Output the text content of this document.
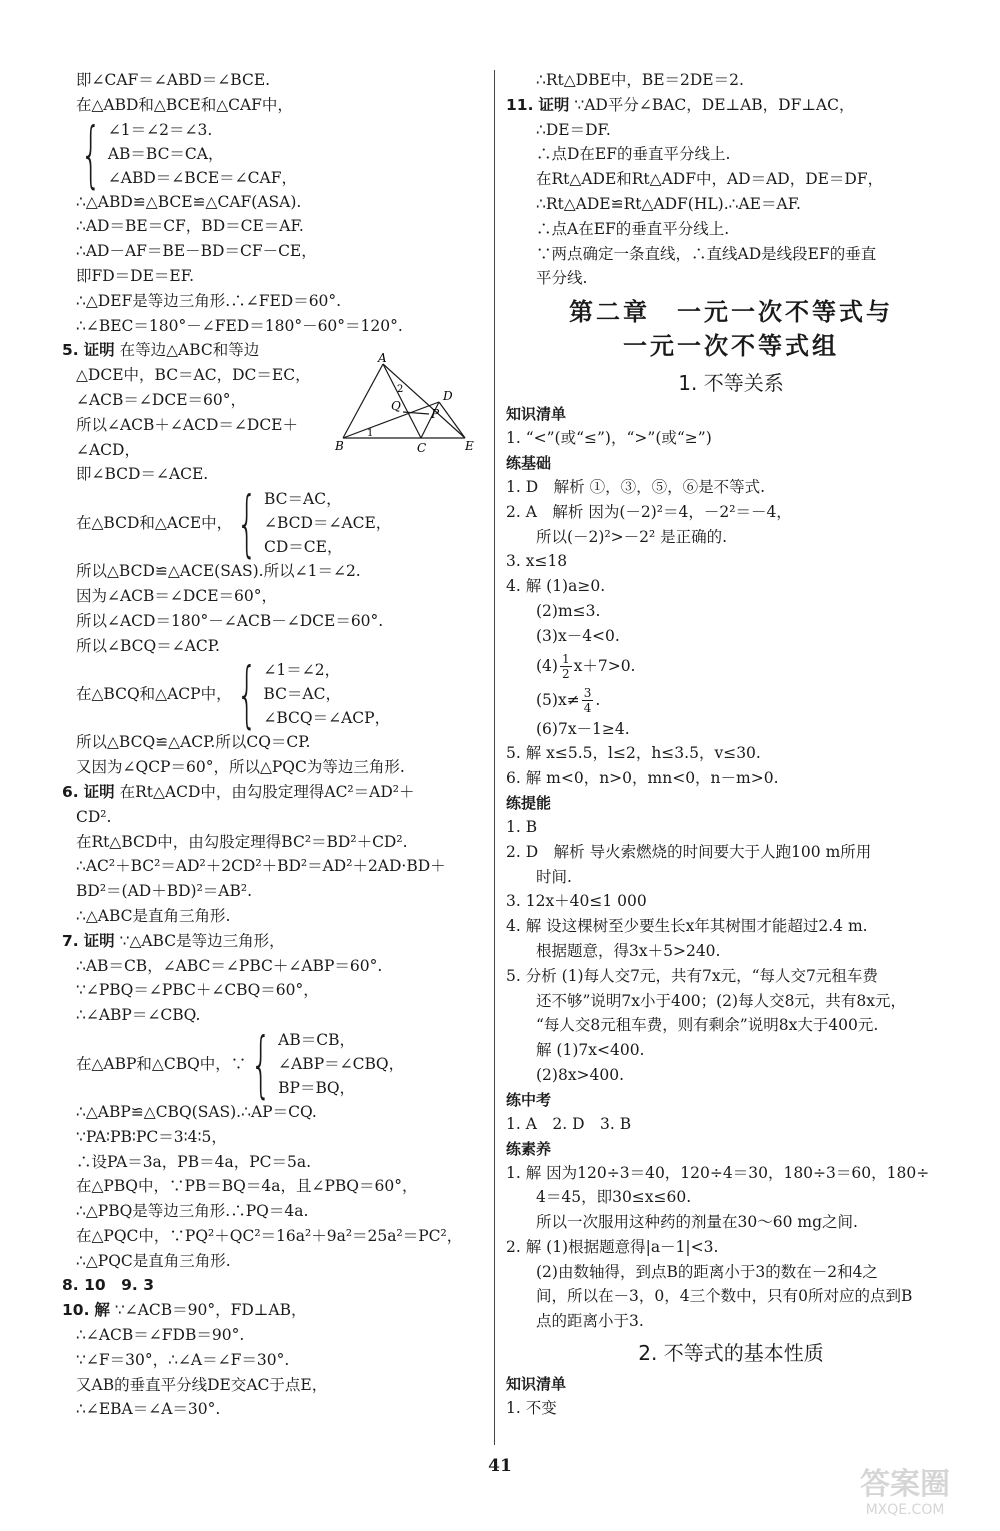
即∠CAF＝∠ABD＝∠BCE.
在△ABD和△BCE和△CAF中，
{ ∠1＝∠2＝∠3.
AB＝BC＝CA，
∠ABD＝∠BCE＝∠CAF，
∴△ABD≌△BCE≌△CAF(ASA).
∴AD＝BE＝CF，BD＝CE＝AF.
∴AD－AF＝BE－BD＝CF－CE，
即FD＝DE＝EF.
∴△DEF是等边三角形.∴∠FED＝60°.
∴∠BEC＝180°－∠FED＝180°－60°＝120°.
5. 证明 在等边△ABC和等边
△DCE中，BC＝AC，DC＝EC，
∠ACB＝∠DCE＝60°，
所以∠ACB＋∠ACD＝∠DCE＋
∠ACD，
即∠BCD＝∠ACE.
在△BCD和△ACE中， { BC＝AC，
∠BCD＝∠ACE，
CD＝CE，
所以△BCD≌△ACE(SAS).所以∠1＝∠2.
因为∠ACB＝∠DCE＝60°，
所以∠ACD＝180°－∠ACB－∠DCE＝60°.
所以∠BCQ＝∠ACP.
在△BCQ和△ACP中， { ∠1＝∠2，
BC＝AC，
∠BCQ＝∠ACP，
所以△BCQ≌△ACP.所以CQ＝CP.
又因为∠QCP＝60°，所以△PQC为等边三角形.
6. 证明 在Rt△ACD中，由勾股定理得AC²＝AD²＋
CD².
在Rt△BCD中，由勾股定理得BC²＝BD²＋CD².
∴AC²＋BC²＝AD²＋2CD²＋BD²＝AD²＋2AD·BD＋
BD²＝(AD＋BD)²＝AB².
∴△ABC是直角三角形.
7. 证明 ∵△ABC是等边三角形，
∴AB＝CB，∠ABC＝∠PBC＋∠ABP＝60°.
∵∠PBQ＝∠PBC＋∠CBQ＝60°，
∴∠ABP＝∠CBQ.
在△ABP和△CBQ中，∵ { AB＝CB，
∠ABP＝∠CBQ，
BP＝BQ，
∴△ABP≌△CBQ(SAS).∴AP＝CQ.
∵PA∶PB∶PC＝3∶4∶5，
∴设PA＝3a，PB＝4a，PC＝5a.
在△PBQ中，∵PB＝BQ＝4a，且∠PBQ＝60°，
∴△PBQ是等边三角形.∴PQ＝4a.
在△PQC中，∵PQ²＋QC²＝16a²＋9a²＝25a²＝PC²，
∴△PQC是直角三角形.
8. 10　9. 3
10. 解 ∵∠ACB＝90°，FD⊥AB，
∴∠ACB＝∠FDB＝90°.
∵∠F＝30°，∴∠A＝∠F＝30°.
又AB的垂直平分线DE交AC于点E，
∴∠EBA＝∠A＝30°.
A
B	C
D
E
P
Q
1
2
∴Rt△DBE中，BE＝2DE＝2.
11. 证明 ∵AD平分∠BAC，DE⊥AB，DF⊥AC，
∴DE＝DF.
∴点D在EF的垂直平分线上.
在Rt△ADE和Rt△ADF中，AD＝AD，DE＝DF，
∴Rt△ADE≌Rt△ADF(HL).∴AE＝AF.
∴点A在EF的垂直平分线上.
∵两点确定一条直线，∴直线AD是线段EF的垂直
平分线.
第二章　一元一次不等式与
一元一次不等式组
1. 不等关系
知识清单
1. “<”(或“≤”)，“>”(或“≥”)
练基础
1. D　解析 ①，③，⑤，⑥是不等式.
2. A　解析 因为(－2)²＝4，－2²＝－4，
所以(－2)²>－2² 是正确的.
3. x≤18
4. 解 (1)a≥0.
(2)m≤3.
(3)x－4<0.
$(4) \frac{1}{2} x+7>0$.
$(5)x\ne \frac{3}{4}$ .
(6)7x－1≥4.
5. 解 x≤5.5，l≤2，h≤3.5，v≤30.
6. 解 m<0，n>0，mn<0，n－m>0.
练提能
1. B
2. D　解析 导火索燃烧的时间要大于人跑100 m所用
时间.
3. 12x＋40≤1 000
4. 解 设这棵树至少要生长x年其树围才能超过2.4 m.
根据题意，得3x＋5>240.
5. 分析 (1)每人交7元，共有7x元，“每人交7元租车费
还不够”说明7x小于400；(2)每人交8元，共有8x元，
“每人交8元租车费，则有剩余”说明8x大于400元.
解 (1)7x<400.
(2)8x>400.
练中考
1. A　2. D　3. B
练素养
1. 解 因为120÷3＝40，120÷4＝30，180÷3＝60，180÷
4＝45，即30≤x≤60.
所以一次服用这种药的剂量在30～60 mg之间.
2. 解 (1)根据题意得|a－1|<3.
(2)由数轴得，到点B的距离小于3的数在－2和4之
间，所以在－3，0，4三个数中，只有0所对应的点到B
点的距离小于3.
2. 不等式的基本性质
知识清单
1. 不变
41
答案圈
MXQE.COM
